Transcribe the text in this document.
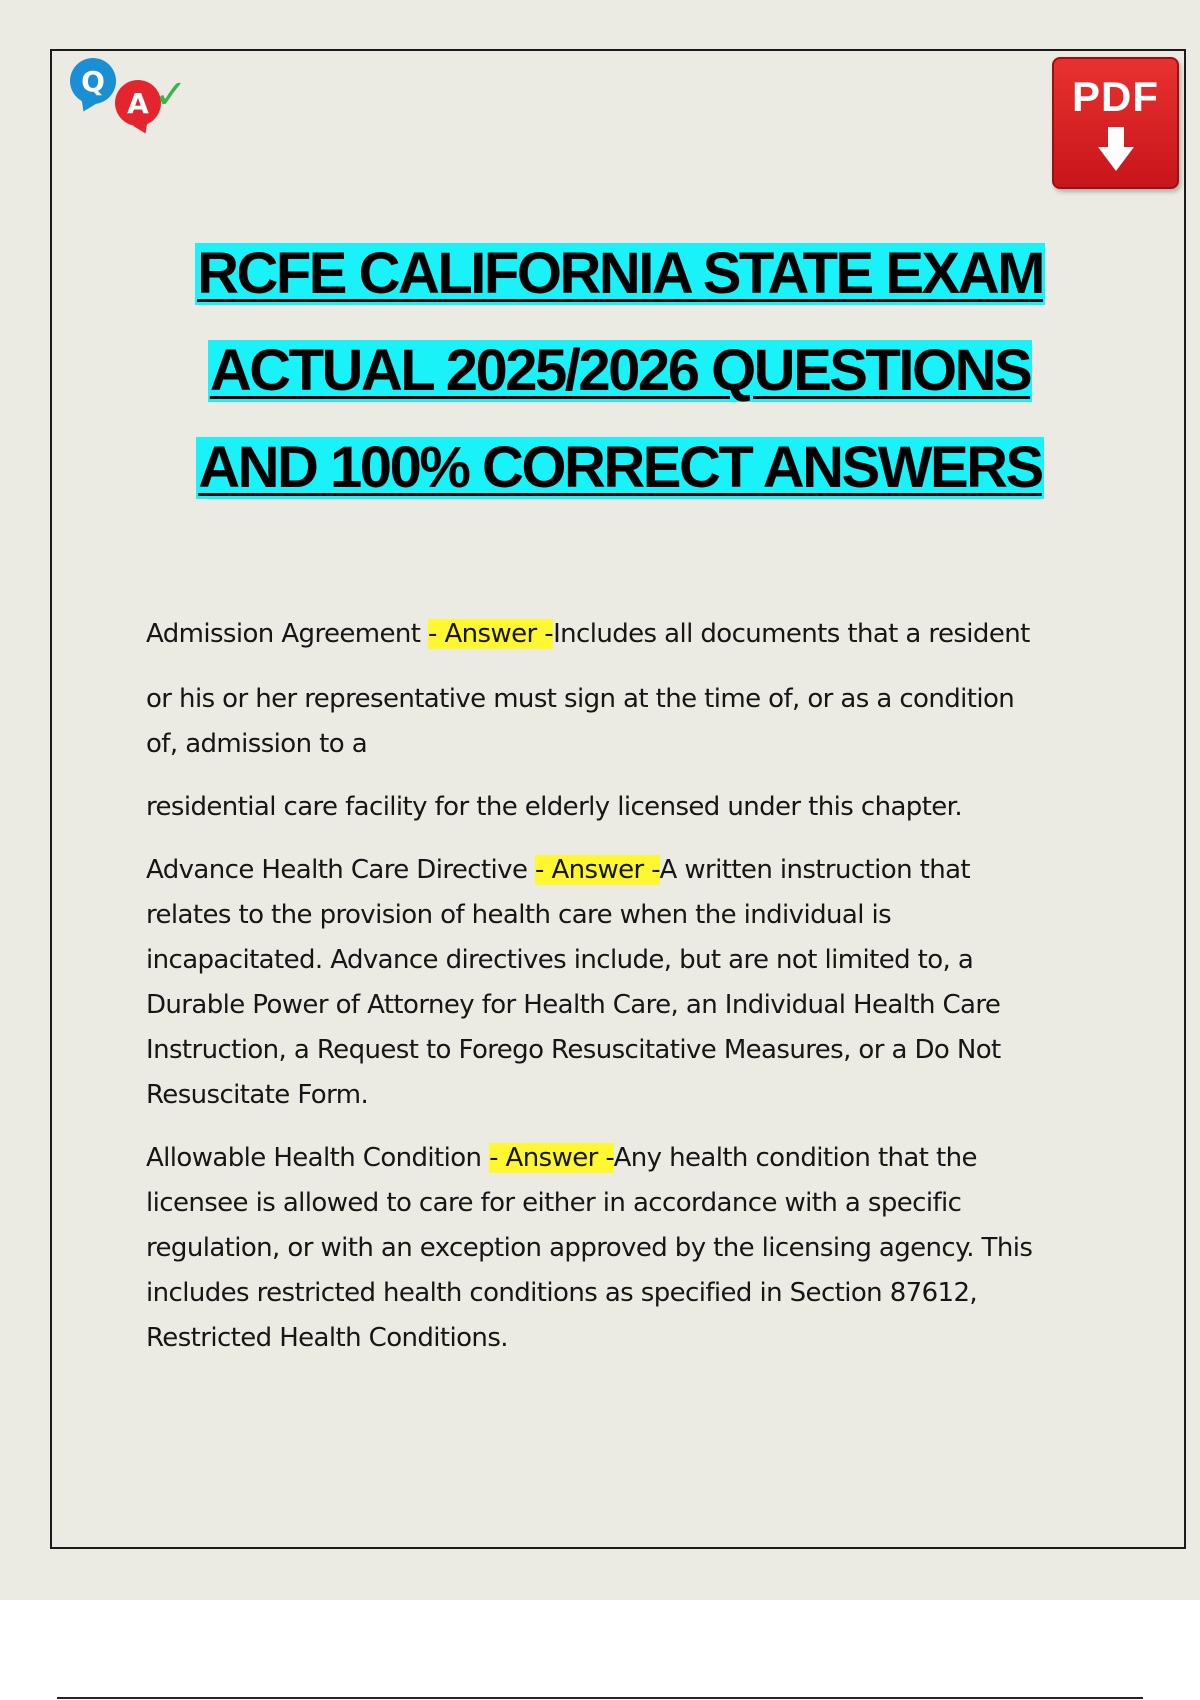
Q
A ✓	PDF
RCFE CALIFORNIA STATE EXAM
ACTUAL 2025/2026 QUESTIONS
AND 100% CORRECT ANSWERS

Admission Agreement - Answer -Includes all documents that a resident

or his or her representative must sign at the time of, or as a condition

of, admission to a

residential care facility for the elderly licensed under this chapter.

Advance Health Care Directive - Answer -A written instruction that

relates to the provision of health care when the individual is

incapacitated. Advance directives include, but are not limited to, a

Durable Power of Attorney for Health Care, an Individual Health Care

Instruction, a Request to Forego Resuscitative Measures, or a Do Not

Resuscitate Form.

Allowable Health Condition - Answer -Any health condition that the

licensee is allowed to care for either in accordance with a specific

regulation, or with an exception approved by the licensing agency. This

includes restricted health conditions as specified in Section 87612,

Restricted Health Conditions.
